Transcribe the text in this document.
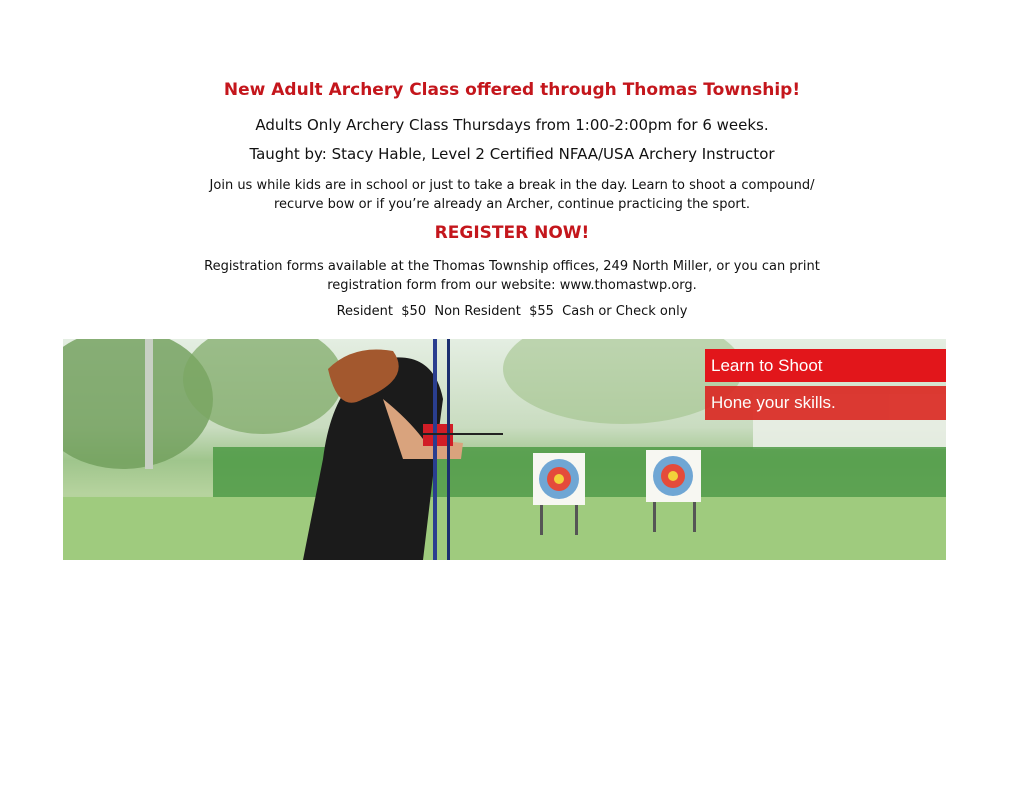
New Adult Archery Class offered through Thomas Township!

Adults Only Archery Class Thursdays from 1:00-2:00pm for 6 weeks.

Taught by: Stacy Hable, Level 2 Certified NFAA/USA Archery Instructor

Join us while kids are in school or just to take a break in the day. Learn to shoot a compound/
recurve bow or if you’re already an Archer, continue practicing the sport.

REGISTER NOW!

Registration forms available at the Thomas Township offices, 249 North Miller, or you can print
registration form from our website: www.thomastwp.org.

Resident  $50  Non Resident  $55  Cash or Check only

Learn to Shoot
Hone your skills.
